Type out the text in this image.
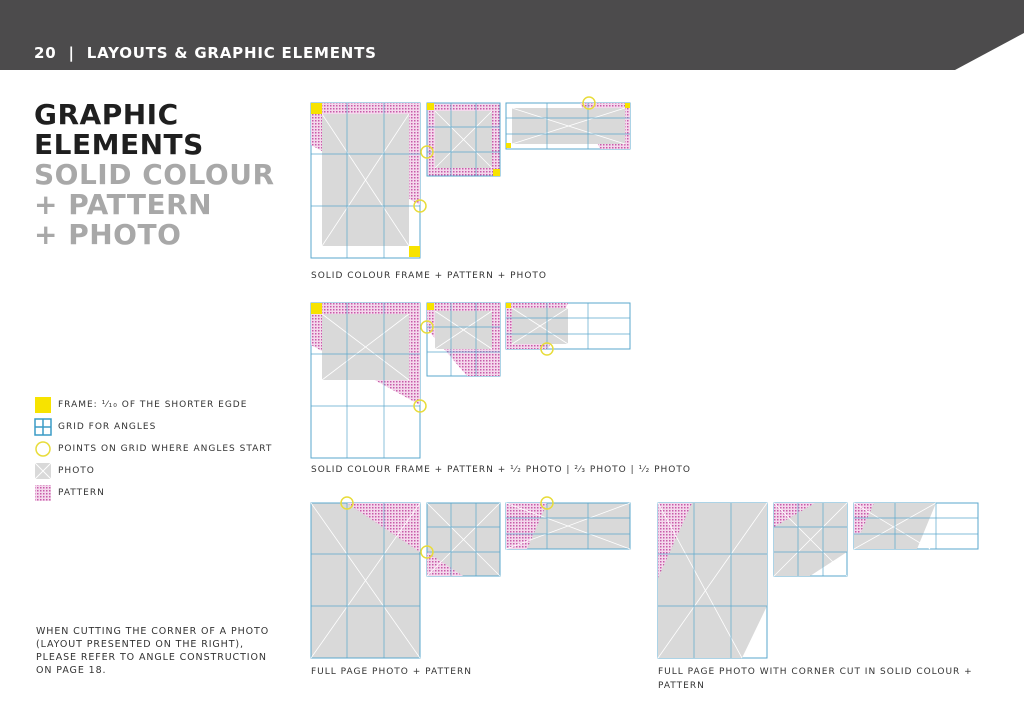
20 | LAYOUTS & GRAPHIC ELEMENTS
GRAPHIC
ELEMENTS
SOLID COLOUR
+ PATTERN
+ PHOTO
FRAME: ¹⁄₁₀ OF THE SHORTER EGDE
GRID FOR ANGLES
POINTS ON GRID WHERE ANGLES START
PHOTO
PATTERN
WHEN CUTTING THE CORNER OF A PHOTO
(LAYOUT PRESENTED ON THE RIGHT),
PLEASE REFER TO ANGLE CONSTRUCTION
ON PAGE 18.
SOLID COLOUR FRAME + PATTERN + PHOTO
SOLID COLOUR FRAME + PATTERN + ¹⁄₂ PHOTO | ²⁄₃ PHOTO | ¹⁄₂ PHOTO
FULL PAGE PHOTO + PATTERN	FULL PAGE PHOTO WITH CORNER CUT IN SOLID COLOUR +
PATTERN
